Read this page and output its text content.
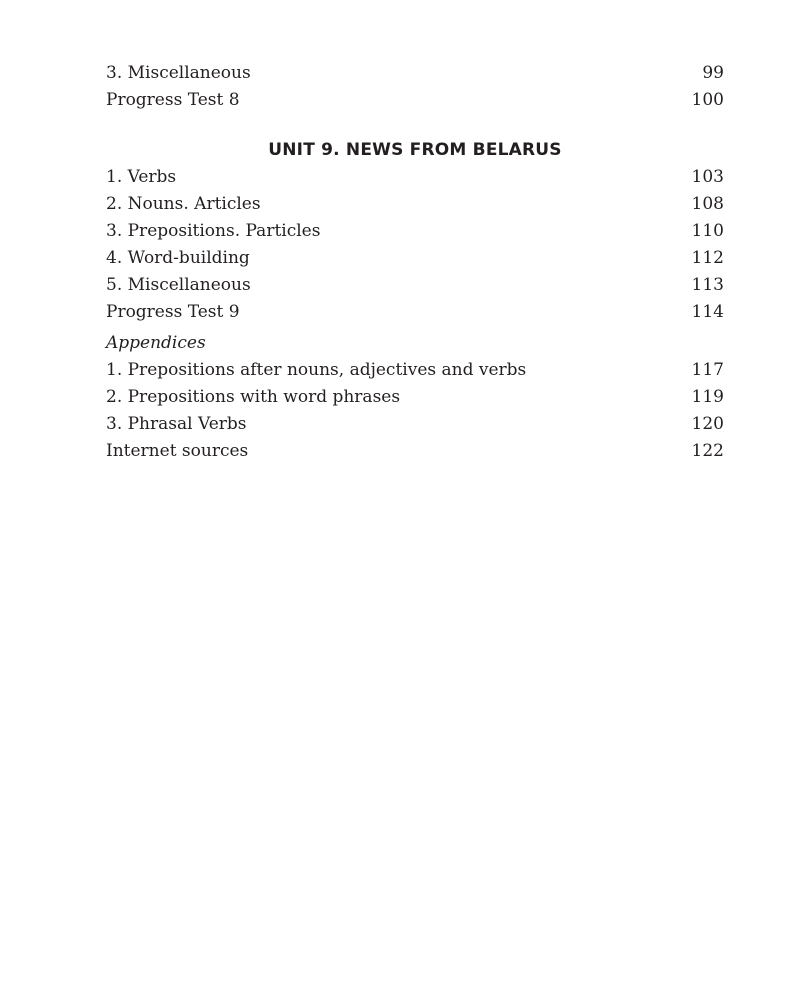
3. Miscellaneous	99
Progress Test 8	100
UNIT 9. NEWS FROM BELARUS
1. Verbs	103
2. Nouns. Articles	108
3. Prepositions. Particles	110
4. Word-building	112
5. Miscellaneous	113
Progress Test 9	114
Appendices
1. Prepositions after nouns, adjectives and verbs	117
2. Prepositions with word phrases	119
3. Phrasal Verbs	120
Internet sources	122
